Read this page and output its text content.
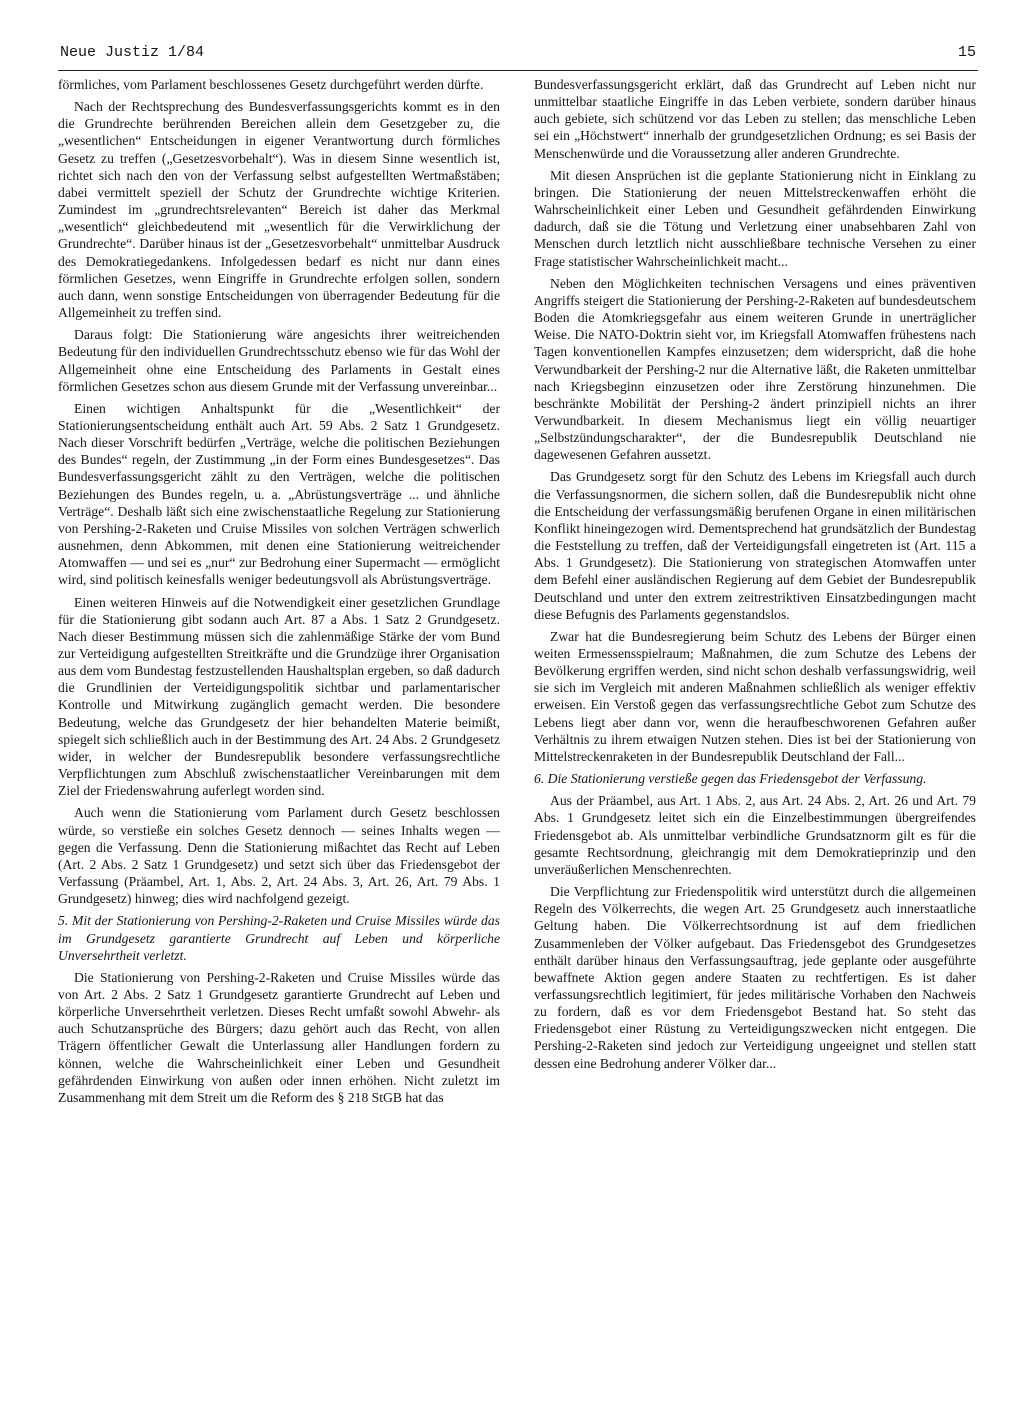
Neue Justiz 1/84	15

förmliches, vom Parlament beschlossenes Gesetz durchgeführt werden dürfte.

Nach der Rechtsprechung des Bundesverfassungsgerichts kommt es in den die Grundrechte berührenden Bereichen allein dem Gesetzgeber zu, die „wesentlichen“ Entscheidungen in eigener Verantwortung durch förmliches Gesetz zu treffen („Gesetzesvorbehalt“). Was in diesem Sinne wesentlich ist, richtet sich nach den von der Verfassung selbst aufgestellten Wertmaßstäben; dabei vermittelt speziell der Schutz der Grundrechte wichtige Kriterien. Zumindest im „grundrechtsrelevanten“ Bereich ist daher das Merkmal „wesentlich“ gleichbedeutend mit „wesentlich für die Verwirklichung der Grundrechte“. Darüber hinaus ist der „Gesetzesvorbehalt“ unmittelbar Ausdruck des Demokratiegedankens. Infolgedessen bedarf es nicht nur dann eines förmlichen Gesetzes, wenn Eingriffe in Grundrechte erfolgen sollen, sondern auch dann, wenn sonstige Entscheidungen von überragender Bedeutung für die Allgemeinheit zu treffen sind.

Daraus folgt: Die Stationierung wäre angesichts ihrer weitreichenden Bedeutung für den individuellen Grundrechtsschutz ebenso wie für das Wohl der Allgemeinheit ohne eine Entscheidung des Parlaments in Gestalt eines förmlichen Gesetzes schon aus diesem Grunde mit der Verfassung unvereinbar...

Einen wichtigen Anhaltspunkt für die „Wesentlichkeit“ der Stationierungsentscheidung enthält auch Art. 59 Abs. 2 Satz 1 Grundgesetz. Nach dieser Vorschrift bedürfen „Verträge, welche die politischen Beziehungen des Bundes“ regeln, der Zustimmung „in der Form eines Bundesgesetzes“. Das Bundesverfassungsgericht zählt zu den Verträgen, welche die politischen Beziehungen des Bundes regeln, u. a. „Abrüstungsverträge ... und ähnliche Verträge“. Deshalb läßt sich eine zwischenstaatliche Regelung zur Stationierung von Pershing-2-Raketen und Cruise Missiles von solchen Verträgen schwerlich ausnehmen, denn Abkommen, mit denen eine Stationierung weitreichender Atomwaffen — und sei es „nur“ zur Bedrohung einer Supermacht — ermöglicht wird, sind politisch keinesfalls weniger bedeutungsvoll als Abrüstungsverträge.

Einen weiteren Hinweis auf die Notwendigkeit einer gesetzlichen Grundlage für die Stationierung gibt sodann auch Art. 87 a Abs. 1 Satz 2 Grundgesetz. Nach dieser Bestimmung müssen sich die zahlenmäßige Stärke der vom Bund zur Verteidigung aufgestellten Streitkräfte und die Grundzüge ihrer Organisation aus dem vom Bundestag festzustellenden Haushaltsplan ergeben, so daß dadurch die Grundlinien der Verteidigungspolitik sichtbar und parlamentarischer Kontrolle und Mitwirkung zugänglich gemacht werden. Die besondere Bedeutung, welche das Grundgesetz der hier behandelten Materie beimißt, spiegelt sich schließlich auch in der Bestimmung des Art. 24 Abs. 2 Grundgesetz wider, in welcher der Bundesrepublik besondere verfassungsrechtliche Verpflichtungen zum Abschluß zwischenstaatlicher Vereinbarungen mit dem Ziel der Friedenswahrung auferlegt worden sind.

Auch wenn die Stationierung vom Parlament durch Gesetz beschlossen würde, so verstieße ein solches Gesetz dennoch — seines Inhalts wegen — gegen die Verfassung. Denn die Stationierung mißachtet das Recht auf Leben (Art. 2 Abs. 2 Satz 1 Grundgesetz) und setzt sich über das Friedensgebot der Verfassung (Präambel, Art. 1, Abs. 2, Art. 24 Abs. 3, Art. 26, Art. 79 Abs. 1 Grundgesetz) hinweg; dies wird nachfolgend gezeigt.

5. Mit der Stationierung von Pershing-2-Raketen und Cruise Missiles würde das im Grundgesetz garantierte Grundrecht auf Leben und körperliche Unversehrtheit verletzt.

Die Stationierung von Pershing-2-Raketen und Cruise Missiles würde das von Art. 2 Abs. 2 Satz 1 Grundgesetz garantierte Grundrecht auf Leben und körperliche Unversehrtheit verletzen. Dieses Recht umfaßt sowohl Abwehr- als auch Schutzansprüche des Bürgers; dazu gehört auch das Recht, von allen Trägern öffentlicher Gewalt die Unterlassung aller Handlungen fordern zu können, welche die Wahrscheinlichkeit einer Leben und Gesundheit gefährdenden Einwirkung von außen oder innen erhöhen. Nicht zuletzt im Zusammenhang mit dem Streit um die Reform des § 218 StGB hat das

Bundesverfassungsgericht erklärt, daß das Grundrecht auf Leben nicht nur unmittelbar staatliche Eingriffe in das Leben verbiete, sondern darüber hinaus auch gebiete, sich schützend vor das Leben zu stellen; das menschliche Leben sei ein „Höchstwert“ innerhalb der grundgesetzlichen Ordnung; es sei Basis der Menschenwürde und die Voraussetzung aller anderen Grundrechte.

Mit diesen Ansprüchen ist die geplante Stationierung nicht in Einklang zu bringen. Die Stationierung der neuen Mittelstreckenwaffen erhöht die Wahrscheinlichkeit einer Leben und Gesundheit gefährdenden Einwirkung dadurch, daß sie die Tötung und Verletzung einer unabsehbaren Zahl von Menschen durch letztlich nicht ausschließbare technische Versehen zu einer Frage statistischer Wahrscheinlichkeit macht...

Neben den Möglichkeiten technischen Versagens und eines präventiven Angriffs steigert die Stationierung der Pershing-2-Raketen auf bundesdeutschem Boden die Atomkriegsgefahr aus einem weiteren Grunde in unerträglicher Weise. Die NATO-Doktrin sieht vor, im Kriegsfall Atomwaffen frühestens nach Tagen konventionellen Kampfes einzusetzen; dem widerspricht, daß die hohe Verwundbarkeit der Pershing-2 nur die Alternative läßt, die Raketen unmittelbar nach Kriegsbeginn einzusetzen oder ihre Zerstörung hinzunehmen. Die beschränkte Mobilität der Pershing-2 ändert prinzipiell nichts an ihrer Verwundbarkeit. In diesem Mechanismus liegt ein völlig neuartiger „Selbstzündungscharakter“, der die Bundesrepublik Deutschland nie dagewesenen Gefahren aussetzt.

Das Grundgesetz sorgt für den Schutz des Lebens im Kriegsfall auch durch die Verfassungsnormen, die sichern sollen, daß die Bundesrepublik nicht ohne die Entscheidung der verfassungsmäßig berufenen Organe in einen militärischen Konflikt hineingezogen wird. Dementsprechend hat grundsätzlich der Bundestag die Feststellung zu treffen, daß der Verteidigungsfall eingetreten ist (Art. 115 a Abs. 1 Grundgesetz). Die Stationierung von strategischen Atomwaffen unter dem Befehl einer ausländischen Regierung auf dem Gebiet der Bundesrepublik Deutschland und unter den extrem zeitrestriktiven Einsatzbedingungen macht diese Befugnis des Parlaments gegenstandslos.

Zwar hat die Bundesregierung beim Schutz des Lebens der Bürger einen weiten Ermessensspielraum; Maßnahmen, die zum Schutze des Lebens der Bevölkerung ergriffen werden, sind nicht schon deshalb verfassungswidrig, weil sie sich im Vergleich mit anderen Maßnahmen schließlich als weniger effektiv erweisen. Ein Verstoß gegen das verfassungsrechtliche Gebot zum Schutze des Lebens liegt aber dann vor, wenn die heraufbeschworenen Gefahren außer Verhältnis zu ihrem etwaigen Nutzen stehen. Dies ist bei der Stationierung von Mittelstreckenraketen in der Bundesrepublik Deutschland der Fall...

6. Die Stationierung verstieße gegen das Friedensgebot der Verfassung.

Aus der Präambel, aus Art. 1 Abs. 2, aus Art. 24 Abs. 2, Art. 26 und Art. 79 Abs. 1 Grundgesetz leitet sich ein die Einzelbestimmungen übergreifendes Friedensgebot ab. Als unmittelbar verbindliche Grundsatznorm gilt es für die gesamte Rechtsordnung, gleichrangig mit dem Demokratieprinzip und den unveräußerlichen Menschenrechten.

Die Verpflichtung zur Friedenspolitik wird unterstützt durch die allgemeinen Regeln des Völkerrechts, die wegen Art. 25 Grundgesetz auch innerstaatliche Geltung haben. Die Völkerrechtsordnung ist auf dem friedlichen Zusammenleben der Völker aufgebaut. Das Friedensgebot des Grundgesetzes enthält darüber hinaus den Verfassungsauftrag, jede geplante oder ausgeführte bewaffnete Aktion gegen andere Staaten zu rechtfertigen. Es ist daher verfassungsrechtlich legitimiert, für jedes militärische Vorhaben den Nachweis zu fordern, daß es vor dem Friedensgebot Bestand hat. So steht das Friedensgebot einer Rüstung zu Verteidigungszwecken nicht entgegen. Die Pershing-2-Raketen sind jedoch zur Verteidigung ungeeignet und stellen statt dessen eine Bedrohung anderer Völker dar...
